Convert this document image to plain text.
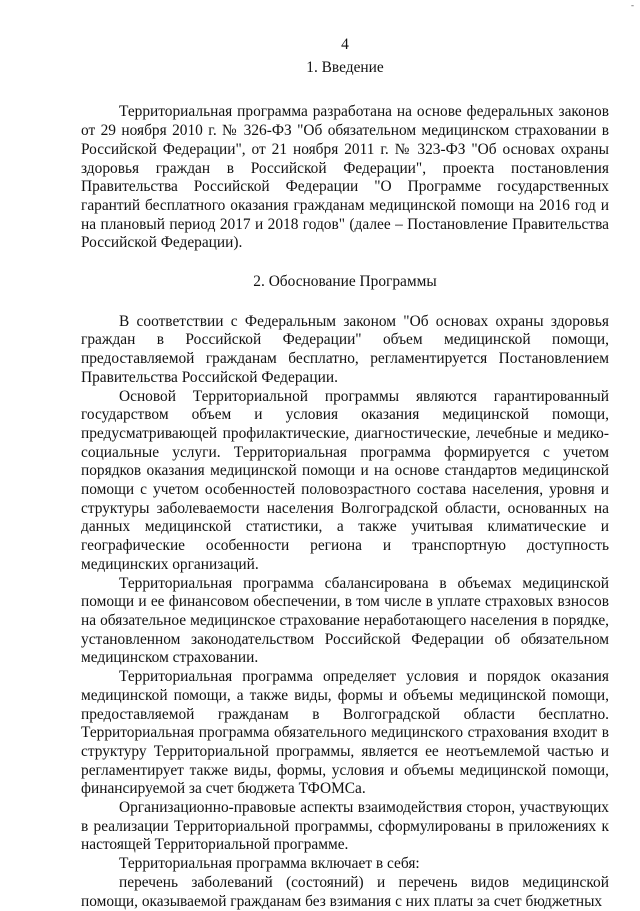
-
4
1. Введение

Территориальная программа разработана на основе федеральных законов от 29 ноября 2010 г. № 326-ФЗ "Об обязательном медицинском страховании в Российской Федерации", от 21 ноября 2011 г. № 323-ФЗ "Об основах охраны здоровья граждан в Российской Федерации", проекта постановления Правительства Российской Федерации "О Программе государственных гарантий бесплатного оказания гражданам медицинской помощи на 2016 год и на плановый период 2017 и 2018 годов" (далее – Постановление Правительства Российской Федерации).

2. Обоснование Программы

В соответствии с Федеральным законом "Об основах охраны здоровья граждан в Российской Федерации" объем медицинской помощи, предоставляемой гражданам бесплатно, регламентируется Постановлением Правительства Российской Федерации.

Основой Территориальной программы являются гарантированный государством объем и условия оказания медицинской помощи, предусматривающей профилактические, диагностические, лечебные и медико-социальные услуги. Территориальная программа формируется с учетом порядков оказания медицинской помощи и на основе стандартов медицинской помощи с учетом особенностей половозрастного состава населения, уровня и структуры заболеваемости населения Волгоградской области, основанных на данных медицинской статистики, а также учитывая климатические и географические особенности региона и транспортную доступность медицинских организаций.

Территориальная программа сбалансирована в объемах медицинской помощи и ее финансовом обеспечении, в том числе в уплате страховых взносов на обязательное медицинское страхование неработающего населения в порядке, установленном законодательством Российской Федерации об обязательном медицинском страховании.

Территориальная программа определяет условия и порядок оказания медицинской помощи, а также виды, формы и объемы медицинской помощи, предоставляемой гражданам в Волгоградской области бесплатно. Территориальная программа обязательного медицинского страхования входит в структуру Территориальной программы, является ее неотъемлемой частью и регламентирует также виды, формы, условия и объемы медицинской помощи, финансируемой за счет бюджета ТФОМСа.

Организационно-правовые аспекты взаимодействия сторон, участвующих в реализации Территориальной программы, сформулированы в приложениях к настоящей Территориальной программе.

Территориальная программа включает в себя:

перечень заболеваний (состояний) и перечень видов медицинской помощи, оказываемой гражданам без взимания с них платы за счет бюджетных
